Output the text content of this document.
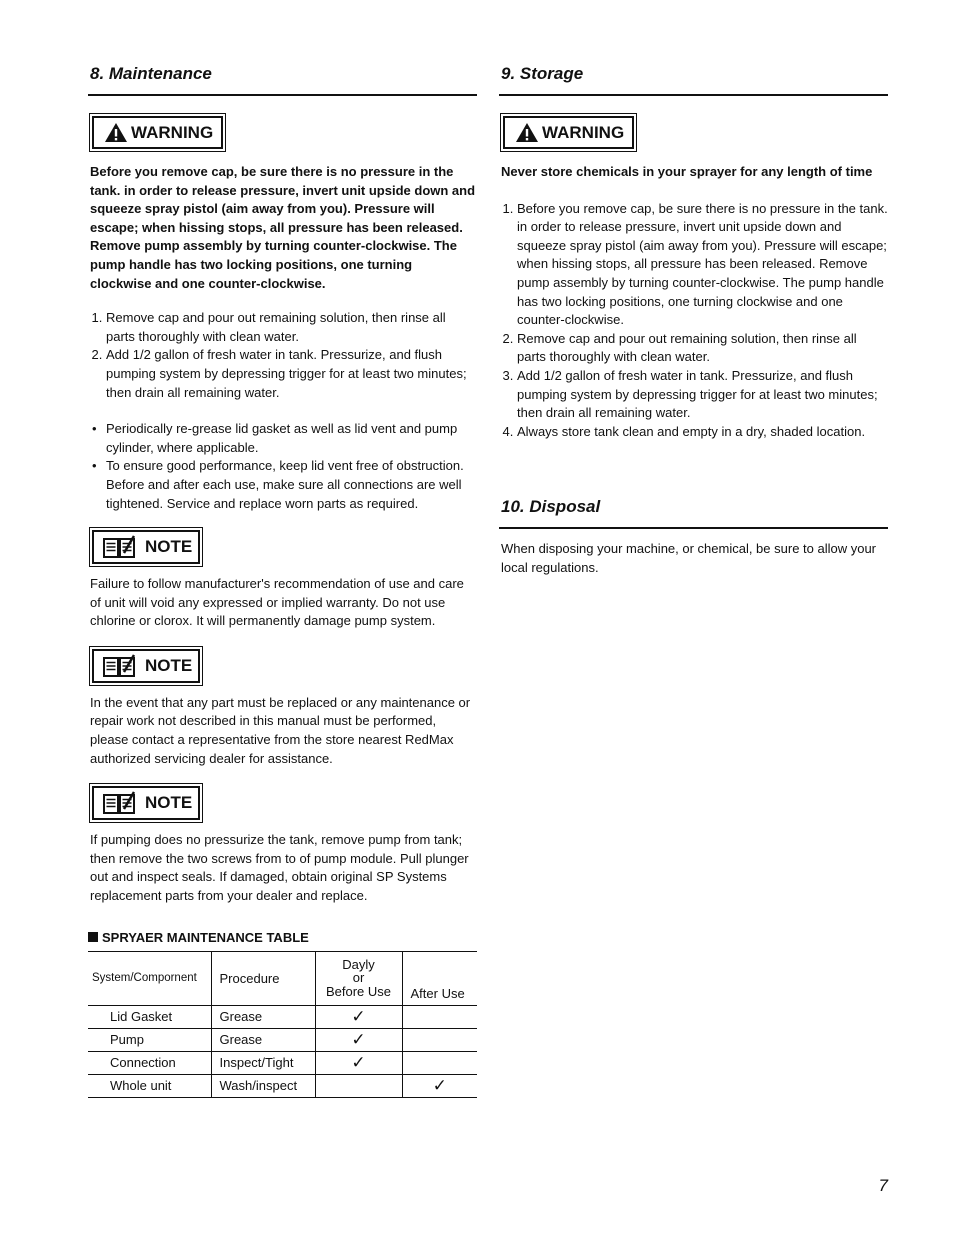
8. Maintenance
WARNING

Before you remove cap, be sure there is no pressure in the tank. in order to release pressure, invert unit upside down and squeeze spray pistol (aim away from you). Pressure will escape; when hissing stops, all pressure has been released. Remove pump assembly by turning counter-clockwise. The pump handle has two locking positions, one turning clockwise and one counter-clockwise.

1. Remove cap and pour out remaining solution, then rinse all parts thoroughly with clean water.
2. Add 1/2 gallon of fresh water in tank. Pressurize, and flush pumping system by depressing trigger for at least two minutes; then drain all remaining water.
• Periodically re-grease lid gasket as well as lid vent and pump cylinder, where applicable.
• To ensure good performance, keep lid vent free of obstruction. Before and after each use, make sure all connections are well tightened. Service and replace worn parts as required.
NOTE

Failure to follow manufacturer's recommendation of use and care of unit will void any expressed or implied warranty. Do not use chlorine or clorox. It will permanently damage pump system.

NOTE

In the event that any part must be replaced or any maintenance or repair work not described in this manual must be performed, please contact a representative from the store nearest RedMax authorized servicing dealer for assistance.

NOTE

If pumping does no pressurize the tank, remove pump from tank; then remove the two screws from to of pump module. Pull plunger out and inspect seals. If damaged, obtain original SP Systems replacement parts from your dealer and replace.

SPRYAER MAINTENANCE TABLE
System/Compornent	Procedure	Dayly
or
Before Use	After Use
Lid Gasket	Grease	✓	
Pump	Grease	✓	
Connection	Inspect/Tight	✓	
Whole unit	Wash/inspect		✓
9. Storage
WARNING

Never store chemicals in your sprayer for any length of time

1. Before you remove cap, be sure there is no pressure in the tank. in order to release pressure, invert unit upside down and squeeze spray pistol (aim away from you). Pressure will escape; when hissing stops, all pressure has been released. Remove pump assembly by turning counter-clockwise. The pump handle has two locking positions, one turning clockwise and one counter-clockwise.
2. Remove cap and pour out remaining solution, then rinse all parts thoroughly with clean water.
3. Add 1/2 gallon of fresh water in tank. Pressurize, and flush pumping system by depressing trigger for at least two minutes; then drain all remaining water.
4. Always store tank clean and empty in a dry, shaded location.
10. Disposal

When disposing your machine, or chemical, be sure to allow your local regulations.

7
